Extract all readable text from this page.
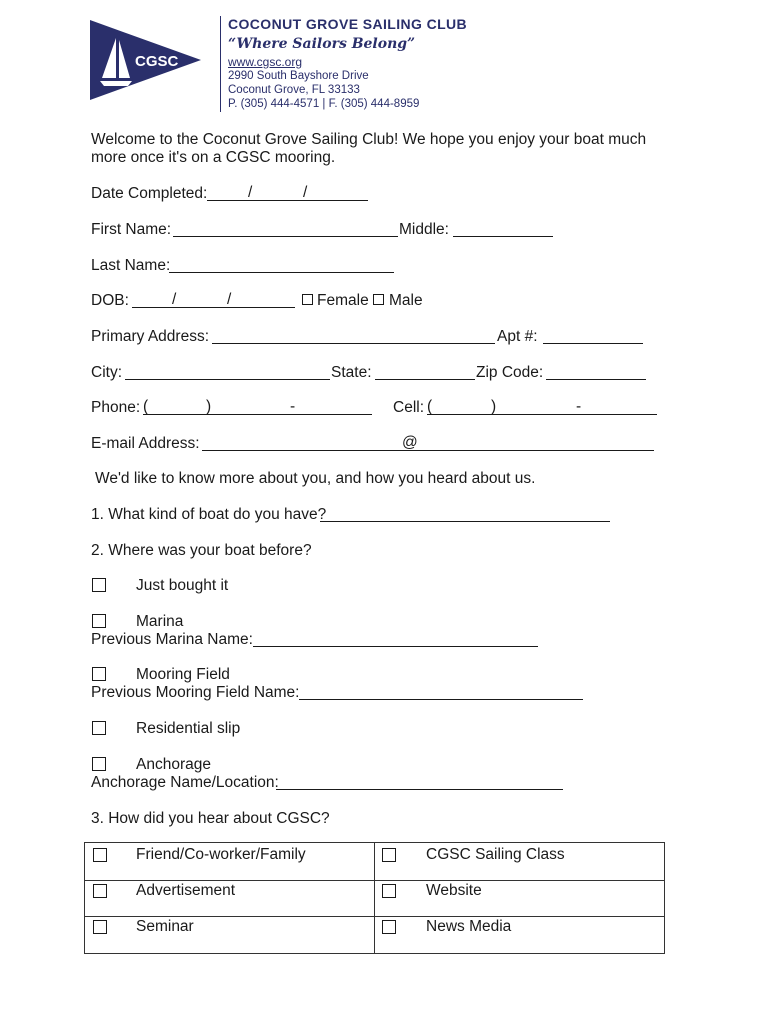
CGSC
COCONUT GROVE SAILING CLUB
“Where Sailors Belong”
www.cgsc.org
2990 South Bayshore Drive
Coconut Grove, FL 33133
P. (305) 444-4571 | F. (305) 444-8959
Welcome to the Coconut Grove Sailing Club! We hope you enjoy your boat much
more once it's on a CGSC mooring.
Date Completed:	/	/
First Name:	Middle:
Last Name:
DOB:	/	/	Female Male
Primary Address:	Apt #:
City:	State:	Zip Code:
Phone: (	)	-	Cell: (	)	-
E-mail Address:	@
We'd like to know more about you, and how you heard about us.
1. What kind of boat do you have?
2. Where was your boat before?
Just bought it
Marina
Previous Marina Name:
Mooring Field
Previous Mooring Field Name:
Residential slip
Anchorage
Anchorage Name/Location:
3. How did you hear about CGSC?
Friend/Co-worker/Family	CGSC Sailing Class
Advertisement	Website
Seminar	News Media
